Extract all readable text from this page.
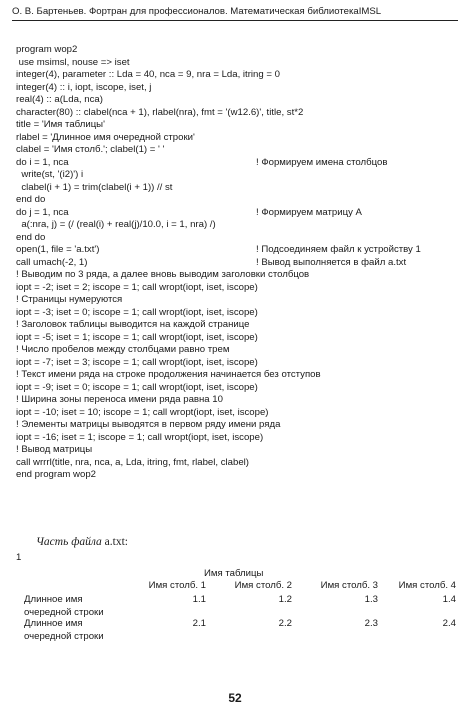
О. В. Бартеньев. Фортран для профессионалов. Математическая библиотекаIMSL
program wop2
use msimsl, nouse => iset
integer(4), parameter :: Lda = 40, nca = 9, nra = Lda, itring = 0
integer(4) :: i, iopt, iscope, iset, j
real(4) :: a(Lda, nca)
character(80) :: clabel(nca + 1), rlabel(nra), fmt = '(w12.6)', title, st*2
title = 'Имя таблицы'
rlabel = 'Длинное имя очередной строки'
clabel = 'Имя столб.'; clabel(1) = ' '
do i = 1, nca	! Формируем имена столбцов
write(st, '(i2)') i
clabel(i + 1) = trim(clabel(i + 1)) // st
end do
do j = 1, nca	! Формируем матрицу A
a(:nra, j) = (/ (real(i) + real(j)/10.0, i = 1, nra) /)
end do
open(1, file = 'a.txt')	! Подсоединяем файл к устройству 1
call umach(-2, 1)	! Вывод выполняется в файл a.txt
! Выводим по 3 ряда, а далее вновь выводим заголовки столбцов
iopt = -2; iset = 2; iscope = 1; call wropt(iopt, iset, iscope)
! Страницы нумеруются
iopt = -3; iset = 0; iscope = 1; call wropt(iopt, iset, iscope)
! Заголовок таблицы выводится на каждой странице
iopt = -5; iset = 1; iscope = 1; call wropt(iopt, iset, iscope)
! Число пробелов между столбцами равно трем
iopt = -7; iset = 3; iscope = 1; call wropt(iopt, iset, iscope)
! Текст имени ряда на строке продолжения начинается без отступов
iopt = -9; iset = 0; iscope = 1; call wropt(iopt, iset, iscope)
! Ширина зоны переноса имени ряда равна 10
iopt = -10; iset = 10; iscope = 1; call wropt(iopt, iset, iscope)
! Элементы матрицы выводятся в первом ряду имени ряда
iopt = -16; iset = 1; iscope = 1; call wropt(iopt, iset, iscope)
! Вывод матрицы
call wrrrl(title, nra, nca, a, Lda, itring, fmt, rlabel, clabel)
end program wop2
Часть файла a.txt:
1
Имя таблицы
Имя столб. 1	Имя столб. 2	Имя столб. 3	Имя столб. 4
Длинное имя
очередной строки
1.1	1.2	1.3	1.4
Длинное имя
очередной строки
2.1	2.2	2.3	2.4
52
